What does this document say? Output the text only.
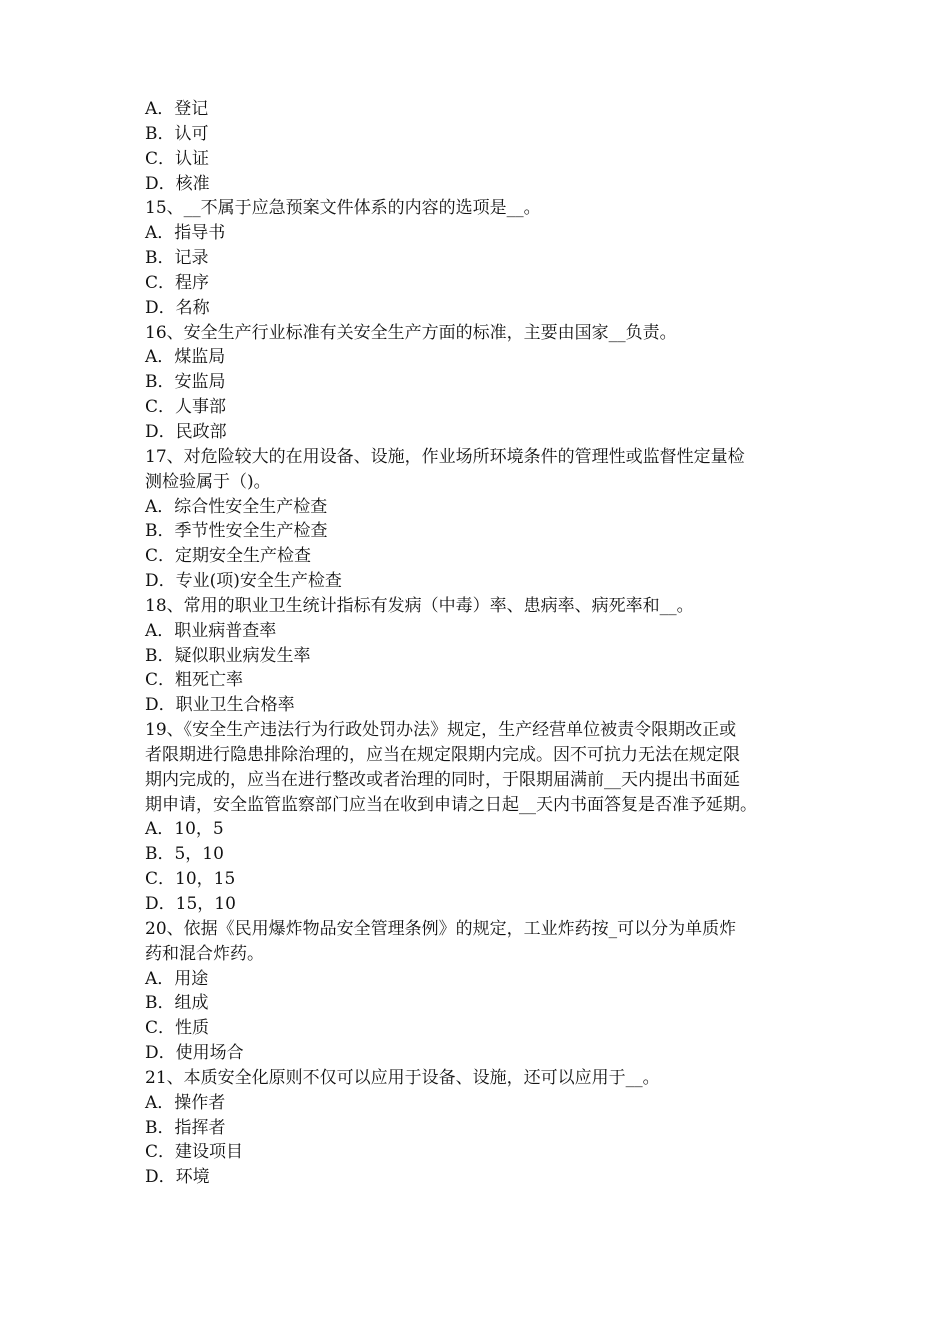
A．登记
B．认可
C．认证
D．核准
15、__不属于应急预案文件体系的内容的选项是__。
A．指导书
B．记录
C．程序
D．名称
16、安全生产行业标准有关安全生产方面的标准，主要由国家__负责。
A．煤监局
B．安监局
C．人事部
D．民政部
17、对危险较大的在用设备、设施，作业场所环境条件的管理性或监督性定量检
测检验属于（)。
A．综合性安全生产检查
B．季节性安全生产检查
C．定期安全生产检查
D．专业(项)安全生产检查
18、常用的职业卫生统计指标有发病（中毒）率、患病率、病死率和__。
A．职业病普查率
B．疑似职业病发生率
C．粗死亡率
D．职业卫生合格率
19、《安全生产违法行为行政处罚办法》规定，生产经营单位被责令限期改正或
者限期进行隐患排除治理的，应当在规定限期内完成。因不可抗力无法在规定限
期内完成的，应当在进行整改或者治理的同时，于限期届满前__天内提出书面延
期申请，安全监管监察部门应当在收到申请之日起__天内书面答复是否准予延期。
A．10，5
B．5，10
C．10，15
D．15，10
20、依据《民用爆炸物品安全管理条例》的规定，工业炸药按_可以分为单质炸
药和混合炸药。
A．用途
B．组成
C．性质
D．使用场合
21、本质安全化原则不仅可以应用于设备、设施，还可以应用于__。
A．操作者
B．指挥者
C．建设项目
D．环境
